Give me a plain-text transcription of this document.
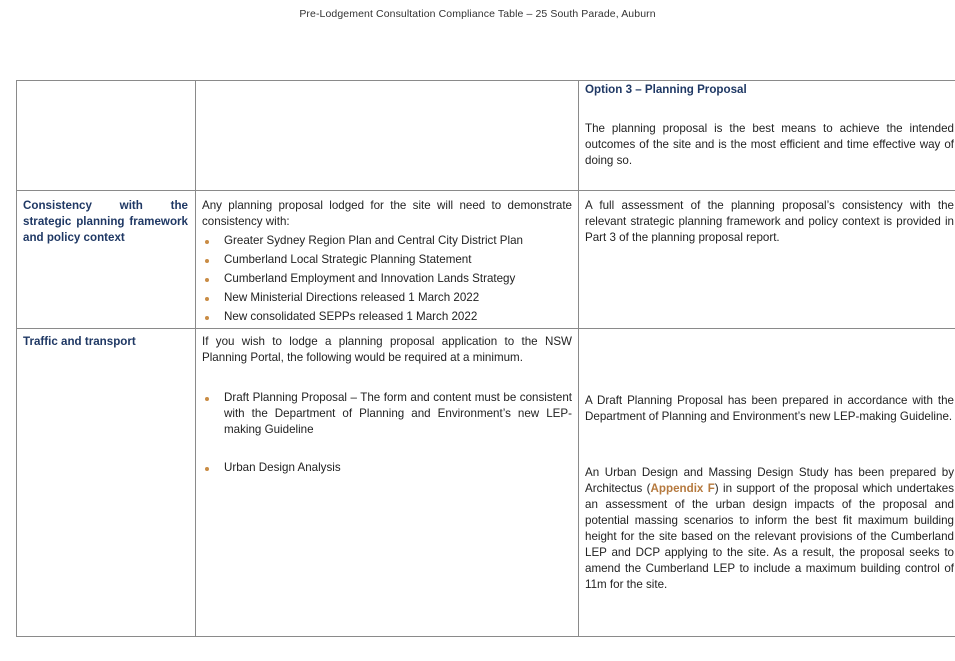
Pre-Lodgement Consultation Compliance Table – 25 South Parade, Auburn
Option 3 – Planning Proposal
The planning proposal is the best means to achieve the intended outcomes of the site and is the most efficient and time effective way of doing so.
Consistency with the strategic planning framework and policy context
Any planning proposal lodged for the site will need to demonstrate consistency with:
Greater Sydney Region Plan and Central City District Plan
Cumberland Local Strategic Planning Statement
Cumberland Employment and Innovation Lands Strategy
New Ministerial Directions released 1 March 2022
New consolidated SEPPs released 1 March 2022
A full assessment of the planning proposal’s consistency with the relevant strategic planning framework and policy context is provided in Part 3 of the planning proposal report.
Traffic and transport	If you wish to lodge a planning proposal application to the NSW Planning Portal, the following would be required at a minimum.
Draft Planning Proposal – The form and content must be consistent with the Department of Planning and Environment’s new LEP-making Guideline
Urban Design Analysis
A Draft Planning Proposal has been prepared in accordance with the Department of Planning and Environment’s new LEP-making Guideline.
An Urban Design and Massing Design Study has been prepared by Architectus (Appendix F) in support of the proposal which undertakes an assessment of the urban design impacts of the proposal and potential massing scenarios to inform the best fit maximum building height for the site based on the relevant provisions of the Cumberland LEP and DCP applying to the site. As a result, the proposal seeks to amend the Cumberland LEP to include a maximum building control of 11m for the site.
